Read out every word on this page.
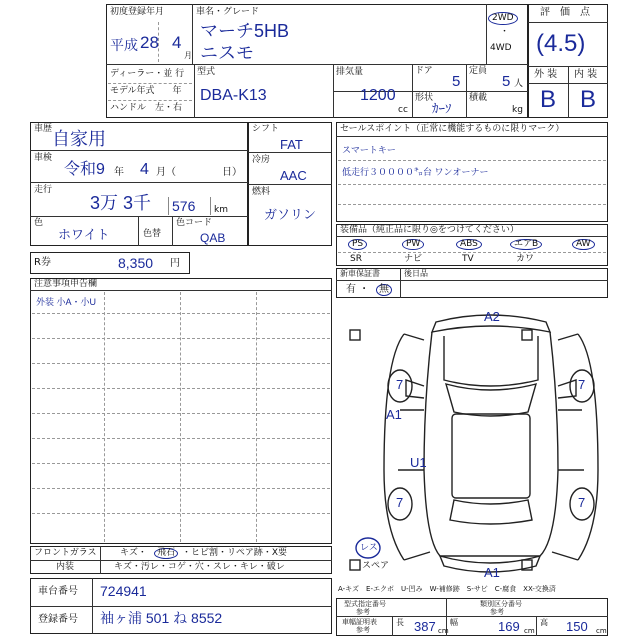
初度登録年月
平成 28 4
月
車名・グレード
マーチ5HB
ニスモ
2WD
・
4WD
ディーラー・並 行
モデル年式　　年
ハンドル　左・右
型式
DBA-K13
排気量
1200
cc
ドア
5
形状
ｶｰｿ
定員
5 人
積載
kg
評　価　点
(4.5)
外 装 内 装
B B
車歴 自家用
車検
令和9 年 4 月（	日）
走行
3万 3千 576 km
色
ホワイト	色替
色コード
QAB
シフト
FAT
冷房
AAC
燃料
ガソリン
R券	8,350 円
セールスポイント（正常に機能するものに限りマーク）
スマートキー
低走行３００００㌔台 ワンオーナー
装備品（純正品に限り◎をつけてください）
PS	PW	ABS	エアB	AW
SR	ナビ	TV	カワ
新車保証書	後日品
有 ・ 無
注意事項申告欄
外装 小A・小U
フロントガラス	キズ・	飛石 ・ヒビ割・リペア跡・X要
内装	キズ・汚レ・コゲ・穴・スレ・キレ・破レ
車台番号 724941
登録番号 袖ヶ浦 501 ね 8552
A2
7	7
A1
U1
7	7
A1
レス
スペア
A-キズ　E-エクボ　U-凹み　W-補修跡　S-サビ　C-腐食　XX-交換済
型式指定番号
参考
類別区分番号
参考
車幅証明表
参考
長 387 cm
幅	169 cm
高 150 cm
